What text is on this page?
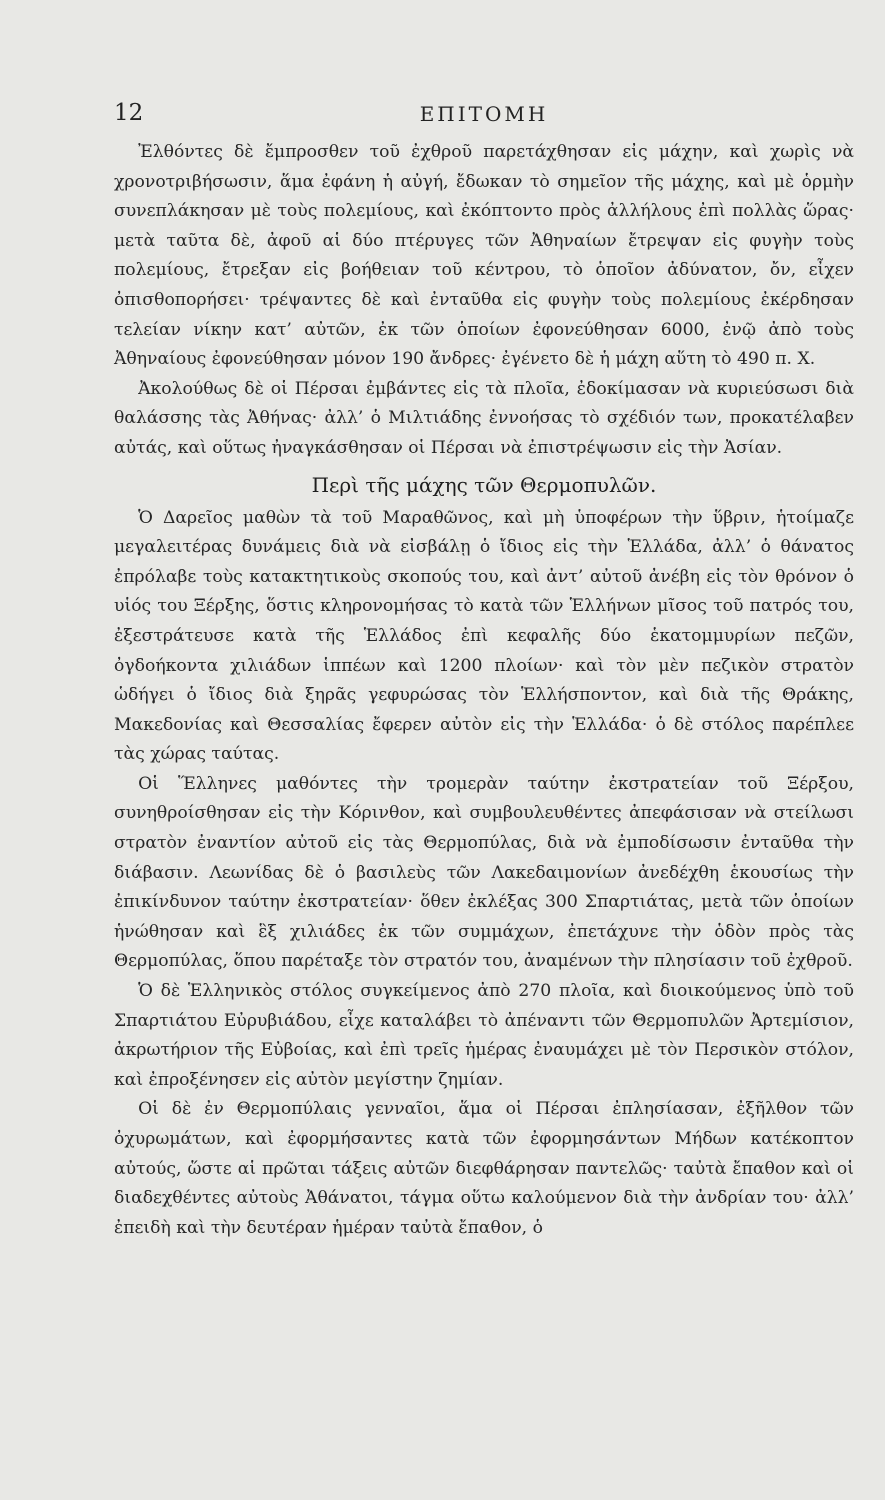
12	ΕΠΙΤΟΜΗ

Ἐλθόντες δὲ ἔμπροσθεν τοῦ ἐχθροῦ παρετάχθησαν εἰς μάχην, καὶ χωρὶς νὰ χρονοτριβήσωσιν, ἅμα ἐφάνη ἡ αὐγή, ἔδωκαν τὸ σημεῖον τῆς μάχης, καὶ μὲ ὁρμὴν συνεπλάκησαν μὲ τοὺς πολεμίους, καὶ ἐκόπτοντο πρὸς ἀλλήλους ἐπὶ πολλὰς ὥρας· μετὰ ταῦτα δὲ, ἀφοῦ αἱ δύο πτέρυγες τῶν Ἀθηναίων ἔτρεψαν εἰς φυγὴν τοὺς πολεμίους, ἔτρεξαν εἰς βοήθειαν τοῦ κέντρου, τὸ ὁποῖον ἀδύνατον, ὄν, εἶχεν ὀπισθοπορήσει· τρέψαντες δὲ καὶ ἐνταῦθα εἰς φυγὴν τοὺς πολεμίους ἐκέρδησαν τελείαν νίκην κατ’ αὐτῶν, ἐκ τῶν ὁποίων ἐφονεύθησαν 6000, ἐνῷ ἀπὸ τοὺς Ἀθηναίους ἐφονεύθησαν μόνον 190 ἄνδρες· ἐγένετο δὲ ἡ μάχη αὕτη τὸ 490 π. Χ.

Ἀκολούθως δὲ οἱ Πέρσαι ἐμβάντες εἰς τὰ πλοῖα, ἐδοκίμασαν νὰ κυριεύσωσι διὰ θαλάσσης τὰς Ἀθήνας· ἀλλ’ ὁ Μιλτιάδης ἐννοήσας τὸ σχέδιόν των, προκατέλαβεν αὐτάς, καὶ οὕτως ἠναγκάσθησαν οἱ Πέρσαι νὰ ἐπιστρέψωσιν εἰς τὴν Ἀσίαν.

Περὶ τῆς μάχης τῶν Θερμοπυλῶν.

Ὁ Δαρεῖος μαθὼν τὰ τοῦ Μαραθῶνος, καὶ μὴ ὑποφέρων τὴν ὕβριν, ἡτοίμαζε μεγαλειτέρας δυνάμεις διὰ νὰ εἰσβάλῃ ὁ ἴδιος εἰς τὴν Ἑλλάδα, ἀλλ’ ὁ θάνατος ἐπρόλαβε τοὺς κατακτητικοὺς σκοπούς του, καὶ ἀντ’ αὐτοῦ ἀνέβη εἰς τὸν θρόνον ὁ υἱός του Ξέρξης, ὅστις κληρονομήσας τὸ κατὰ τῶν Ἑλλήνων μῖσος τοῦ πατρός του, ἐξεστράτευσε κατὰ τῆς Ἑλλάδος ἐπὶ κεφαλῆς δύο ἑκατομμυρίων πεζῶν, ὀγδοήκοντα χιλιάδων ἱππέων καὶ 1200 πλοίων· καὶ τὸν μὲν πεζικὸν στρατὸν ὡδήγει ὁ ἴδιος διὰ ξηρᾶς γεφυρώσας τὸν Ἑλλήσποντον, καὶ διὰ τῆς Θράκης, Μακεδονίας καὶ Θεσσαλίας ἔφερεν αὐτὸν εἰς τὴν Ἑλλάδα· ὁ δὲ στόλος παρέπλεε τὰς χώρας ταύτας.

Οἱ Ἕλληνες μαθόντες τὴν τρομερὰν ταύτην ἐκστρατείαν τοῦ Ξέρξου, συνηθροίσθησαν εἰς τὴν Κόρινθον, καὶ συμβουλευθέντες ἀπεφάσισαν νὰ στείλωσι στρατὸν ἐναντίον αὐτοῦ εἰς τὰς Θερμοπύλας, διὰ νὰ ἐμποδίσωσιν ἐνταῦθα τὴν διάβασιν. Λεωνίδας δὲ ὁ βασιλεὺς τῶν Λακεδαιμονίων ἀνεδέχθη ἑκουσίως τὴν ἐπικίνδυνον ταύτην ἐκστρατείαν· ὅθεν ἐκλέξας 300 Σπαρτιάτας, μετὰ τῶν ὁποίων ἡνώθησαν καὶ ἓξ χιλιάδες ἐκ τῶν συμμάχων, ἐπετάχυνε τὴν ὁδὸν πρὸς τὰς Θερμοπύλας, ὅπου παρέταξε τὸν στρατόν του, ἀναμένων τὴν πλησίασιν τοῦ ἐχθροῦ.

Ὁ δὲ Ἑλληνικὸς στόλος συγκείμενος ἀπὸ 270 πλοῖα, καὶ διοικούμενος ὑπὸ τοῦ Σπαρτιάτου Εὐρυβιάδου, εἶχε καταλάβει τὸ ἀπέναντι τῶν Θερμοπυλῶν Ἀρτεμίσιον, ἀκρωτήριον τῆς Εὐβοίας, καὶ ἐπὶ τρεῖς ἡμέρας ἐναυμάχει μὲ τὸν Περσικὸν στόλον, καὶ ἐπροξένησεν εἰς αὐτὸν μεγίστην ζημίαν.

Οἱ δὲ ἐν Θερμοπύλαις γενναῖοι, ἅμα οἱ Πέρσαι ἐπλησίασαν, ἐξῆλθον τῶν ὀχυρωμάτων, καὶ ἐφορμήσαντες κατὰ τῶν ἐφορμησάντων Μήδων κατέκοπτον αὐτούς, ὥστε αἱ πρῶται τάξεις αὐτῶν διεφθάρησαν παντελῶς· ταὐτὰ ἔπαθον καὶ οἱ διαδεχθέντες αὐτοὺς Ἀθάνατοι, τάγμα οὕτω καλούμενον διὰ τὴν ἀνδρίαν του· ἀλλ’ ἐπειδὴ καὶ τὴν δευτέραν ἡμέραν ταὐτὰ ἔπαθον, ὁ
